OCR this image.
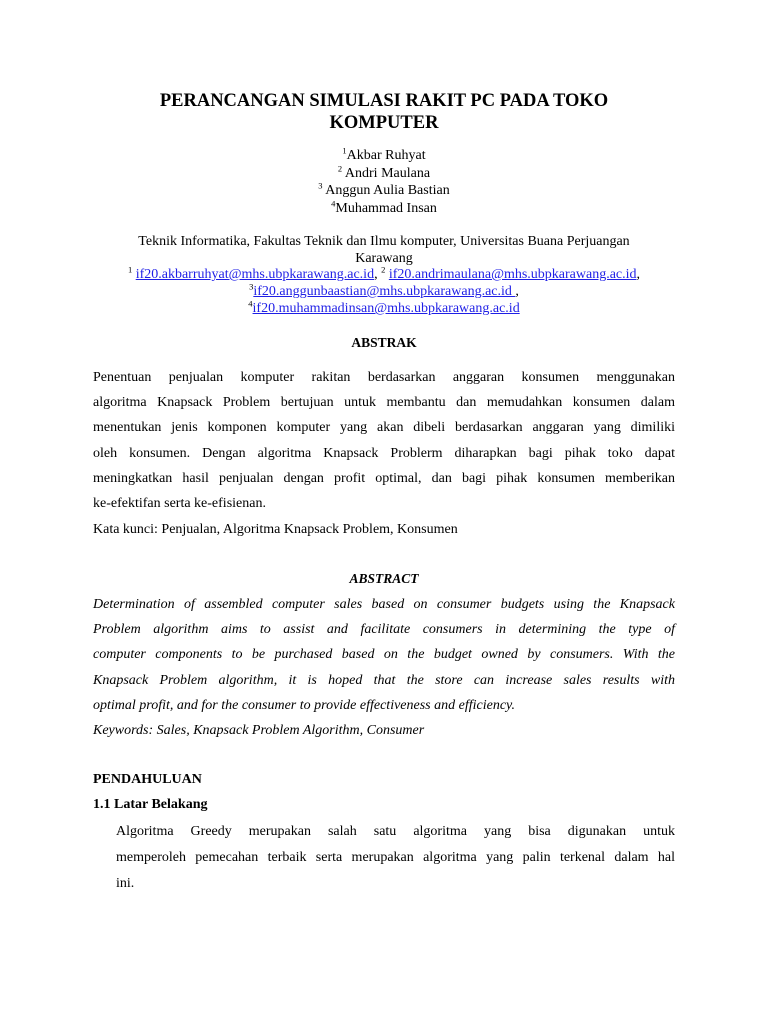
PERANCANGAN SIMULASI RAKIT PC PADA TOKO
KOMPUTER
$^1$Akbar Ruhyat
$^2$ Andri Maulana
$^3$ Anggun Aulia Bastian
$^4$Muhammad Insan
Teknik Informatika, Fakultas Teknik dan Ilmu komputer, Universitas Buana Perjuangan
Karawang
$^1$ if20.akbarruhyat@mhs.ubpkarawang.ac.id, $^2$ if20.andrimaulana@mhs.ubpkarawang.ac.id,
$^3$if20.anggunbaastian@mhs.ubpkarawang.ac.id ,
$^4$if20.muhammadinsan@mhs.ubpkarawang.ac.id
ABSTRAK
Penentuan penjualan komputer rakitan berdasarkan anggaran konsumen menggunakan
algoritma Knapsack Problem bertujuan untuk membantu dan memudahkan konsumen dalam
menentukan jenis komponen komputer yang akan dibeli berdasarkan anggaran yang dimiliki
oleh konsumen. Dengan algoritma Knapsack Problerm diharapkan bagi pihak toko dapat
meningkatkan hasil penjualan dengan profit optimal, dan bagi pihak konsumen memberikan
ke-efektifan serta ke-efisienan.
Kata kunci: Penjualan, Algoritma Knapsack Problem, Konsumen
ABSTRACT
Determination of assembled computer sales based on consumer budgets using the Knapsack
Problem algorithm aims to assist and facilitate consumers in determining the type of
computer components to be purchased based on the budget owned by consumers. With the
Knapsack Problem algorithm, it is hoped that the store can increase sales results with
optimal profit, and for the consumer to provide effectiveness and efficiency.
Keywords: Sales, Knapsack Problem Algorithm, Consumer
PENDAHULUAN
1.1 Latar Belakang
Algoritma Greedy merupakan salah satu algoritma yang bisa digunakan untuk
memperoleh pemecahan terbaik serta merupakan algoritma yang palin terkenal dalam hal
ini.
